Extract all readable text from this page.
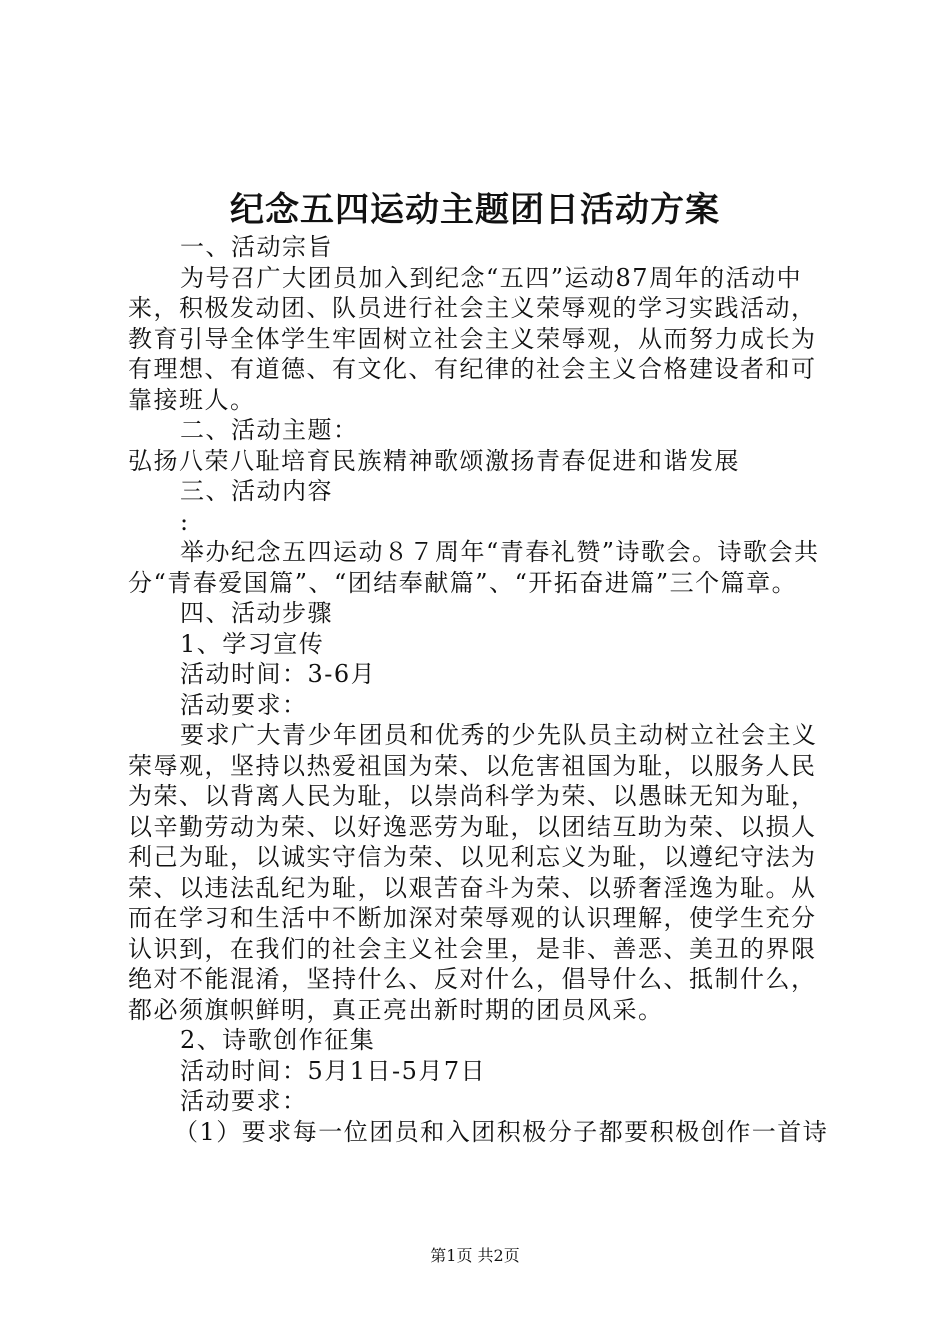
纪念五四运动主题团日活动方案

一、活动宗旨

为号召广大团员加入到纪念“五四”运动87周年的活动中来，积极发动团、队员进行社会主义荣辱观的学习实践活动，教育引导全体学生牢固树立社会主义荣辱观，从而努力成长为有理想、有道德、有文化、有纪律的社会主义合格建设者和可靠接班人。

二、活动主题：

弘扬八荣八耻培育民族精神歌颂激扬青春促进和谐发展

三、活动内容

:

举办纪念五四运动８７周年“青春礼赞”诗歌会。诗歌会共分“青春爱国篇”、“团结奉献篇”、“开拓奋进篇”三个篇章。

四、活动步骤

1、学习宣传

活动时间：3-6月

活动要求：

要求广大青少年团员和优秀的少先队员主动树立社会主义荣辱观，坚持以热爱祖国为荣、以危害祖国为耻，以服务人民为荣、以背离人民为耻，以崇尚科学为荣、以愚昧无知为耻，以辛勤劳动为荣、以好逸恶劳为耻，以团结互助为荣、以损人利己为耻，以诚实守信为荣、以见利忘义为耻，以遵纪守法为荣、以违法乱纪为耻，以艰苦奋斗为荣、以骄奢淫逸为耻。从而在学习和生活中不断加深对荣辱观的认识理解，使学生充分认识到，在我们的社会主义社会里，是非、善恶、美丑的界限绝对不能混淆，坚持什么、反对什么，倡导什么、抵制什么，都必须旗帜鲜明，真正亮出新时期的团员风采。

2、诗歌创作征集

活动时间：5月1日-5月7日

活动要求：

（1）要求每一位团员和入团积极分子都要积极创作一首诗

第1页 共2页
